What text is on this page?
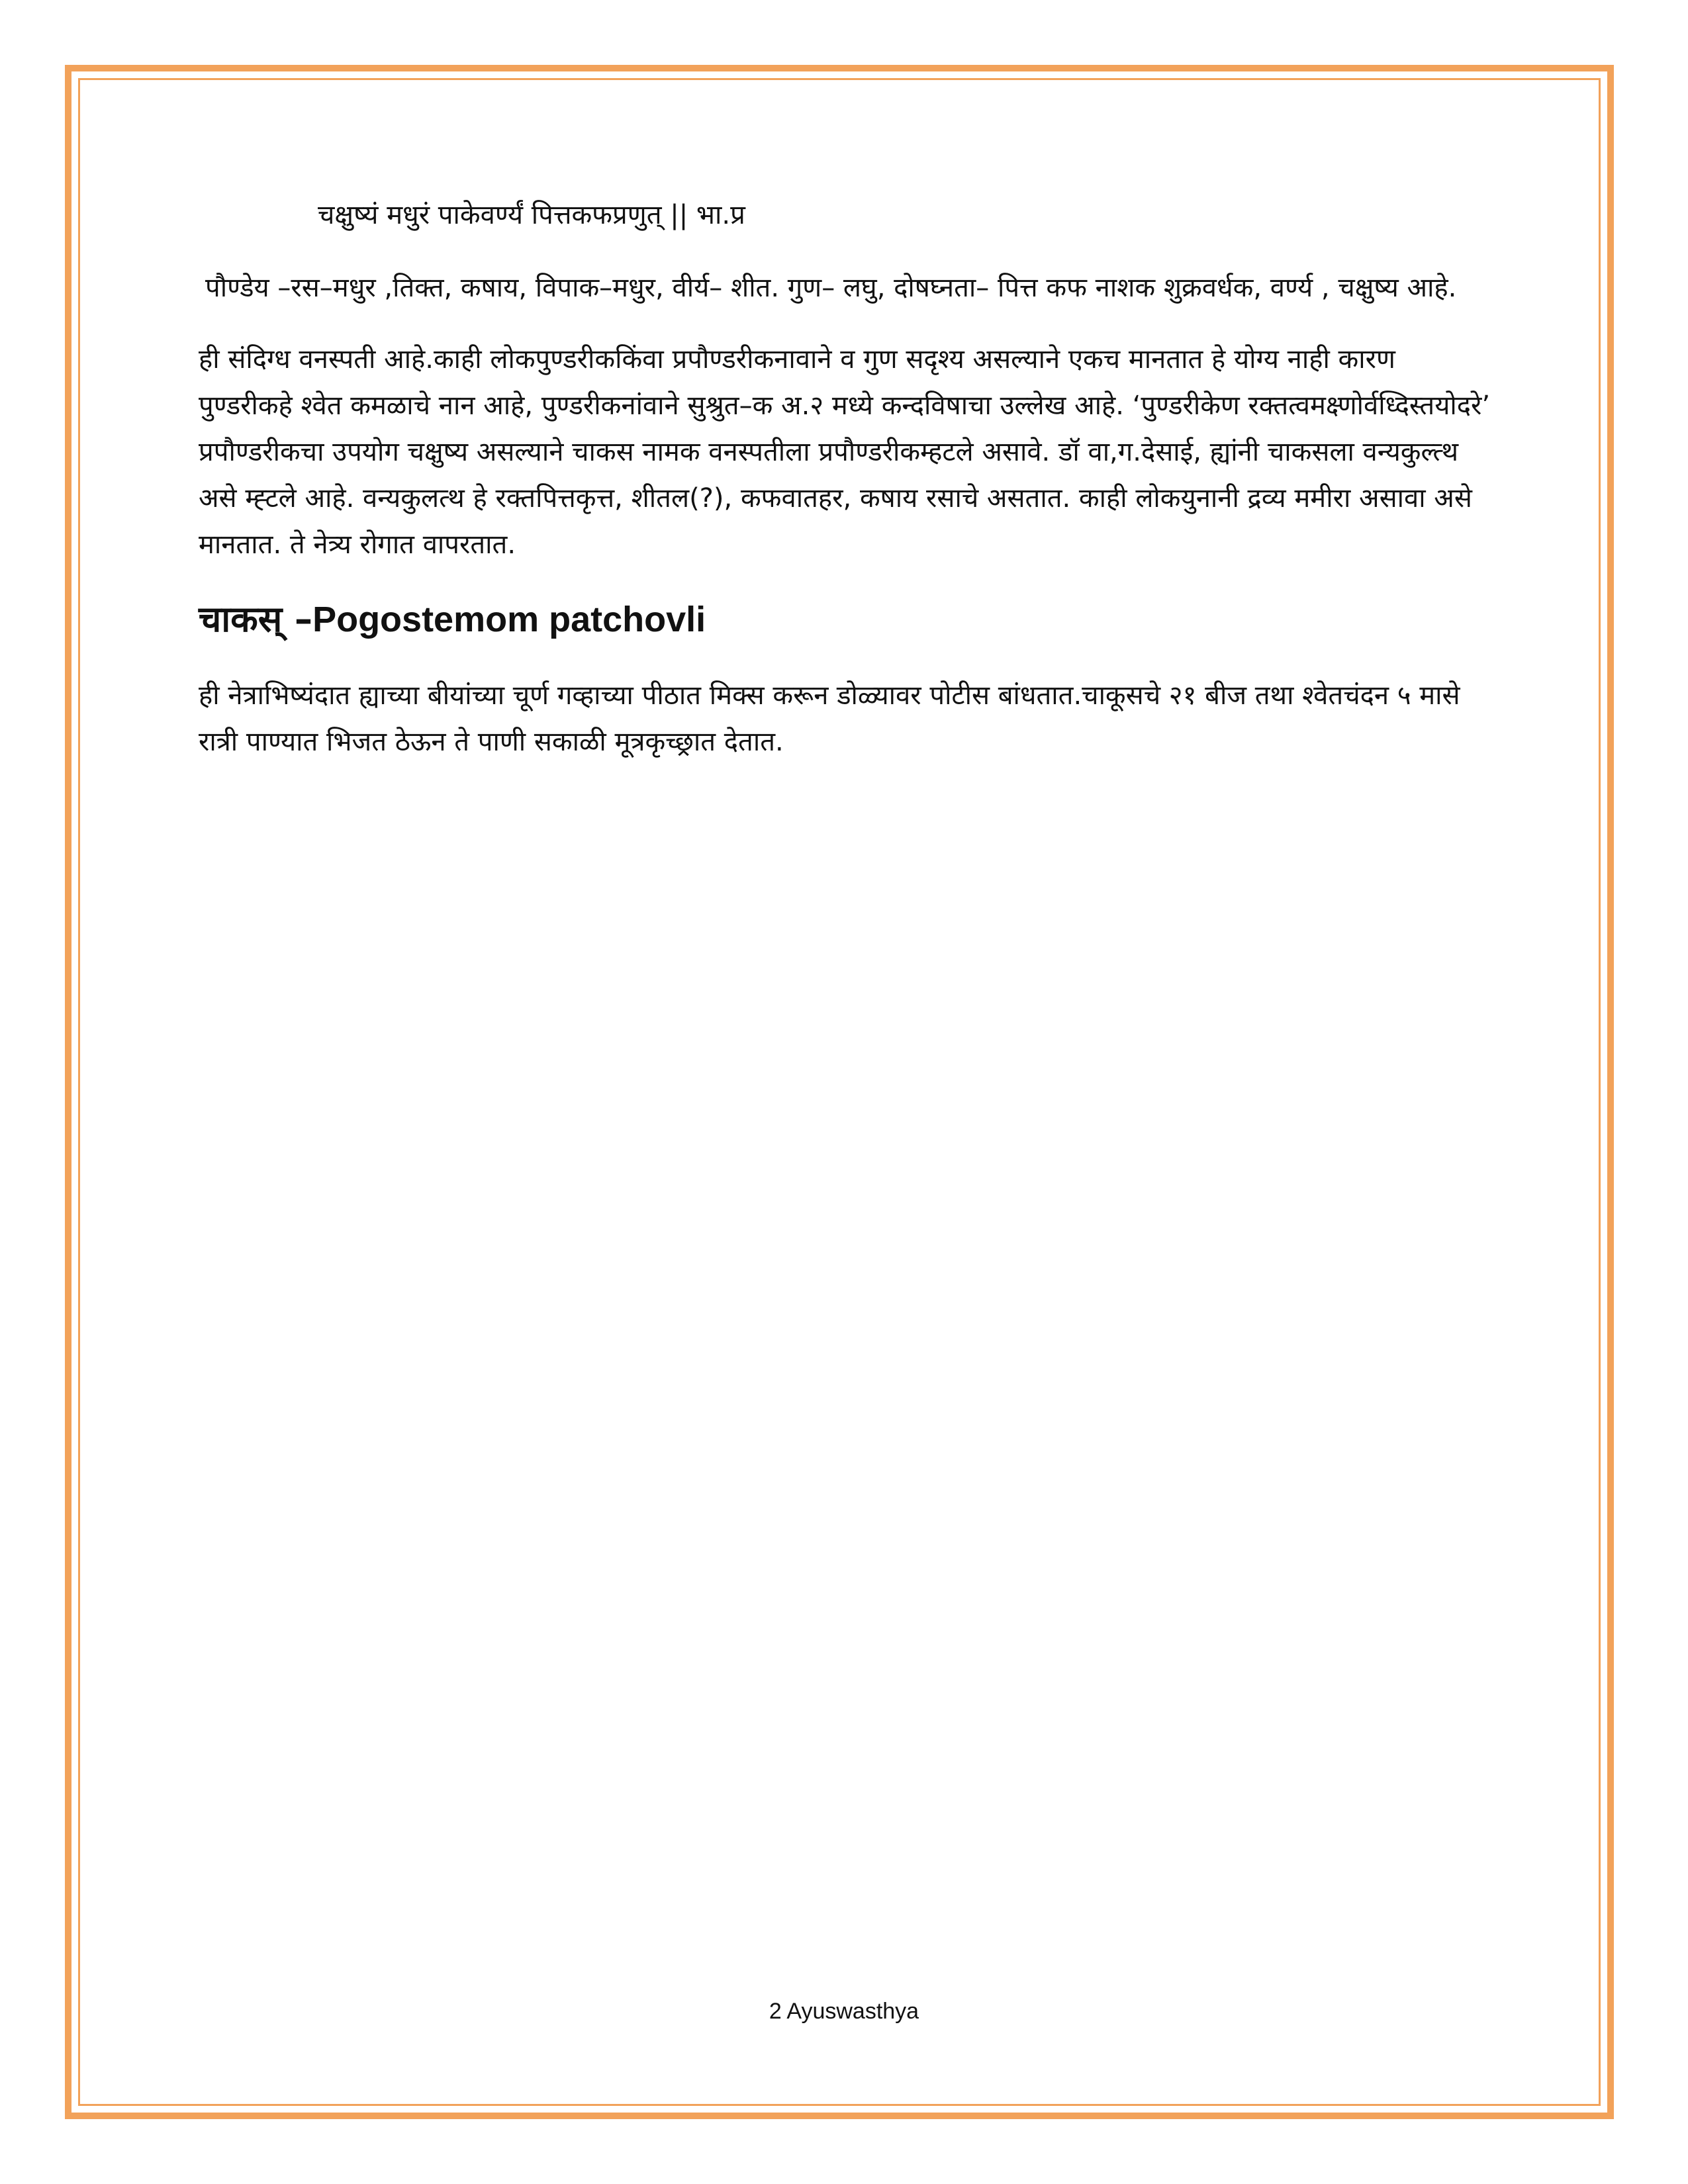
चक्षुष्यं मधुरं पाकेवर्ण्यं पित्तकफप्रणुत् || भा.प्र

पौण्डेय –रस–मधुर ,तिक्त, कषाय, विपाक–मधुर, वीर्य– शीत. गुण– लघु, दोषघ्नता– पित्त कफ नाशक शुक्रवर्धक, वर्ण्य , चक्षुष्य आहे.

ही संदिग्ध वनस्पती आहे.काही लोकपुण्डरीककिंवा प्रपौण्डरीकनावाने व गुण सदृश्य असल्याने एकच मानतात हे योग्य नाही कारण पुण्डरीकहे श्वेत कमळाचे नान आहे, पुण्डरीकनांवाने सुश्रुत–क अ.२ मध्ये कन्दविषाचा उल्लेख आहे. ‘पुण्डरीकेण रक्तत्वमक्ष्णोर्वध्दिस्तयोदरे’ प्रपौण्डरीकचा उपयोग चक्षुष्य असल्याने चाकस नामक वनस्पतीला प्रपौण्डरीकम्हटले असावे. डॉ वा,ग.देसाई, ह्यांनी चाकसला वन्यकुल्त्थ असे म्ह्टले आहे. वन्यकुलत्थ हे रक्तपित्तकृत्त, शीतल(?), कफवातहर, कषाय रसाचे असतात. काही लोकयुनानी द्रव्य ममीरा असावा असे मानतात. ते नेत्र्य रोगात वापरतात.

चाकस् –Pogostemom patchovli

ही नेत्राभिष्यंदात ह्याच्या बीयांच्या चूर्ण गव्हाच्या पीठात मिक्स करून डोळ्यावर पोटीस बांधतात.चाकूसचे २१ बीज तथा श्वेतचंदन ५ मासे रात्री पाण्यात भिजत ठेऊन ते पाणी सकाळी मूत्रकृच्छ्रात देतात.

2 Ayuswasthya
